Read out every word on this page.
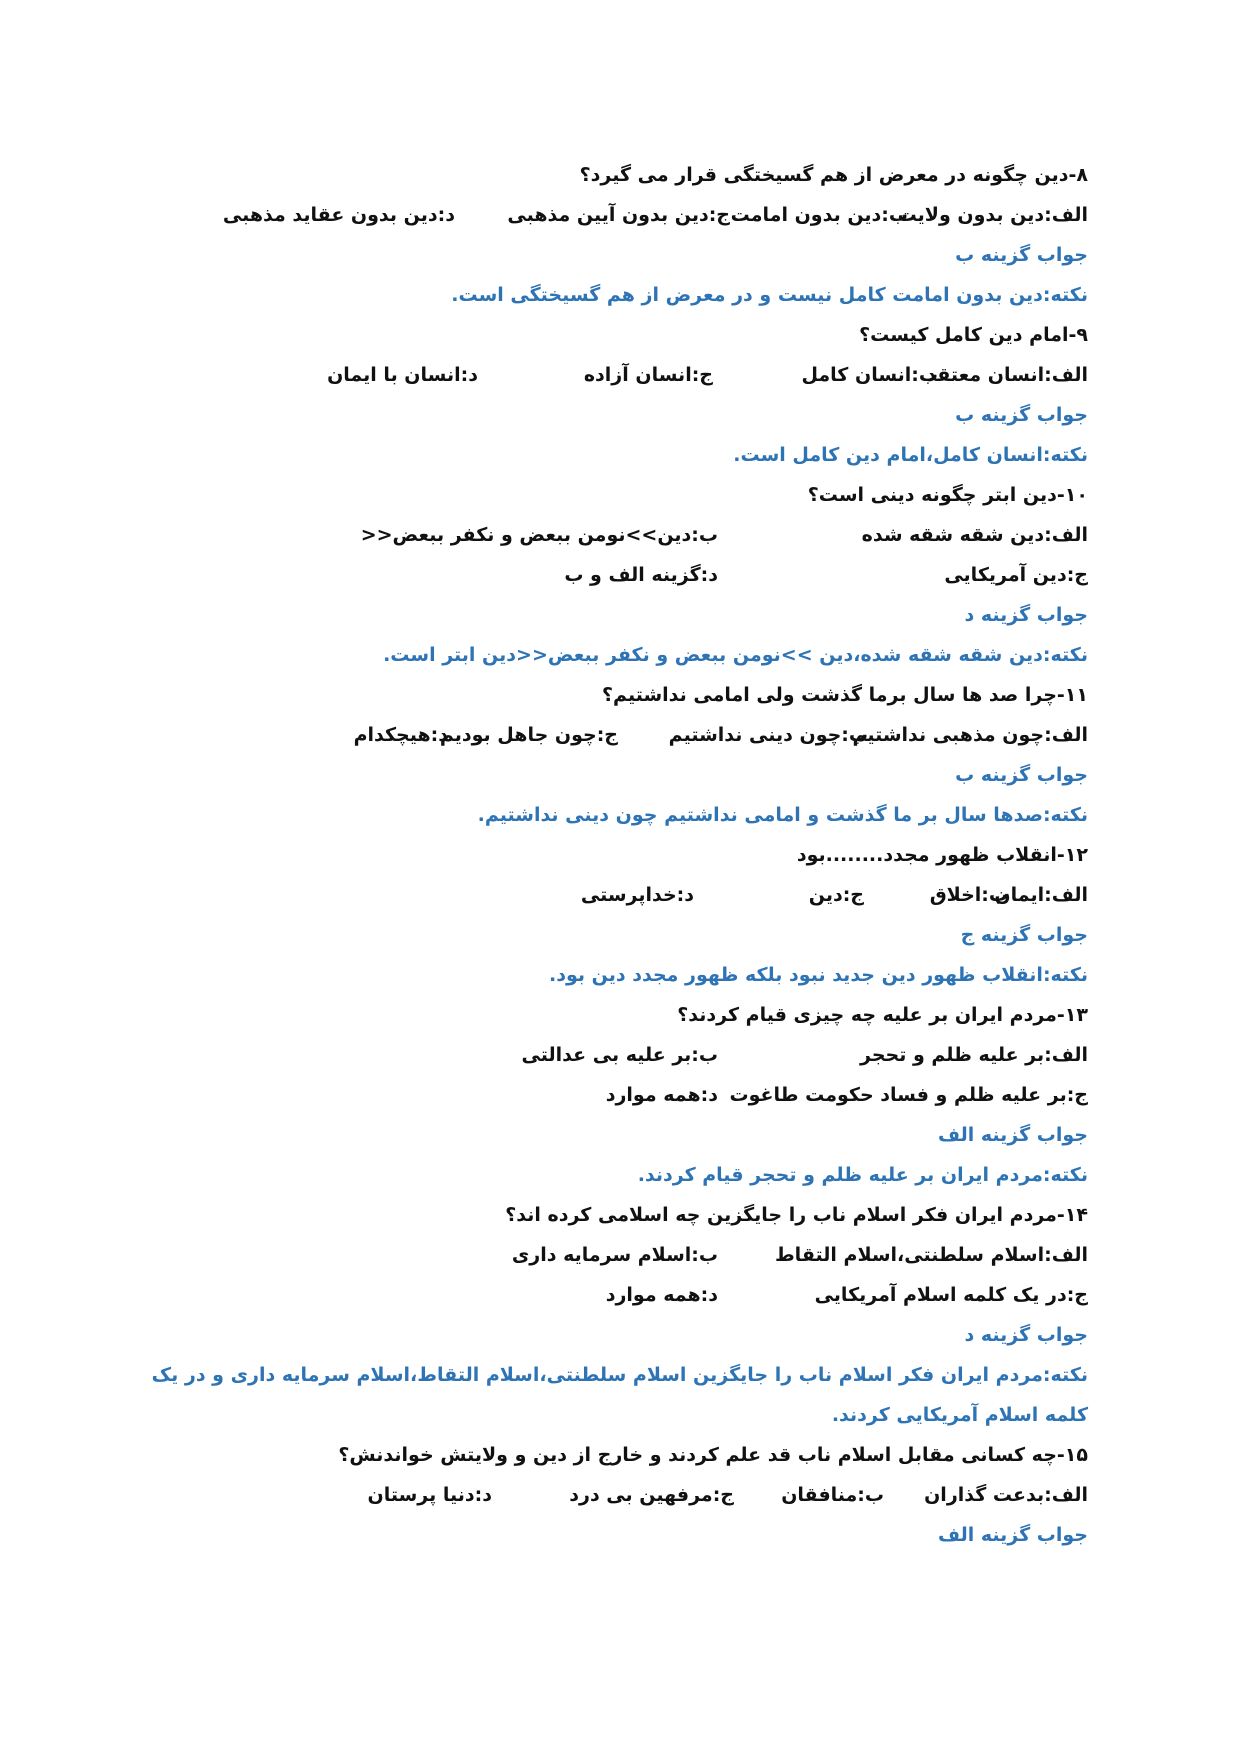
۸-دین چگونه در معرض از هم گسیختگی قرار می گیرد؟
الف:دین بدون ولایت
ب:دین بدون امامت
ج:دین بدون آیین مذهبی
د:دین بدون عقاید مذهبی
جواب گزینه ب
نکته:دین بدون امامت کامل نیست و در معرض از هم گسیختگی است.
۹-امام دین کامل کیست؟
الف:انسان معتقد
ب:انسان کامل
ج:انسان آزاده
د:انسان با ایمان
جواب گزینه ب
نکته:انسان کامل،امام دین کامل است.
۱۰-دین ابتر چگونه دینی است؟
الف:دین شقه شقه شده
ب:دین>>نومن ببعض و نکفر ببعض<<
ج:دین آمریکایی
د:گزینه الف و ب
جواب گزینه د
نکته:دین شقه شقه شده،دین >>نومن ببعض و نکفر ببعض<<دین ابتر است.
۱۱-چرا صد ها سال برما گذشت ولی امامی نداشتیم؟
الف:چون مذهبی نداشتیم
ب:چون دینی نداشتیم
ج:چون جاهل بودیم
د:هیچکدام
جواب گزینه ب
نکته:صدها سال بر ما گذشت و امامی نداشتیم چون دینی نداشتیم.
۱۲-انقلاب ظهور مجدد........بود
الف:ایمان
ب:اخلاق
ج:دین
د:خداپرستی
جواب گزینه ج
نکته:انقلاب ظهور دین جدید نبود بلکه ظهور مجدد دین بود.
۱۳-مردم ایران بر علیه چه چیزی قیام کردند؟
الف:بر علیه ظلم و تحجر
ب:بر علیه بی عدالتی
ج:بر علیه ظلم و فساد حکومت طاغوت
د:همه موارد
جواب گزینه الف
نکته:مردم ایران بر علیه ظلم و تحجر قیام کردند.
۱۴-مردم ایران فکر اسلام ناب را جایگزین چه اسلامی کرده اند؟
الف:اسلام سلطنتی،اسلام التقاط
ب:اسلام سرمایه داری
ج:در یک کلمه اسلام آمریکایی
د:همه موارد
جواب گزینه د
نکته:مردم ایران فکر اسلام ناب را جایگزین اسلام سلطنتی،اسلام التقاط،اسلام سرمایه داری و در یک کلمه اسلام آمریکایی کردند.
۱۵-چه کسانی مقابل اسلام ناب قد علم کردند و خارج از دین و ولایتش خواندنش؟
الف:بدعت گذاران
ب:منافقان
ج:مرفهین بی درد
د:دنیا پرستان
جواب گزینه الف
